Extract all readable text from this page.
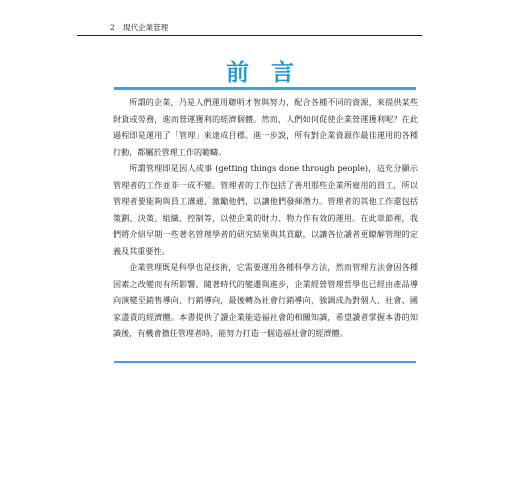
2 現代企業管理
前言

所謂的企業，乃是人們運用聰明才智與努力，配合各種不同的資源，來提供某些財貨或勞務，進而營運獲利的經濟個體。然而，人們如何促使企業營運獲利呢？在此過程即是運用了「管理」來達成目標。進一步說，所有對企業資源作最佳運用的各種行動，都屬於管理工作的範疇。

所謂管理即是因人成事 (getting things done through people)，這充分顯示管理者的工作並非一成不變。管理者的工作包括了善用那些企業所雇用的員工，所以管理者要能夠與員工溝通、激勵他們，以讓他們發揮潛力。管理者的其他工作還包括策劃、決策、組織、控制等，以使企業的財力、物力作有效的運用。在此章節裡，我們將介紹早期一些著名管理學者的研究結果與其貢獻，以讓各位讀者更瞭解管理的定義及其重要性。

企業管理既是科學也是技術，它需要運用各種科學方法，然而管理方法會因各種因素之改變而有所影響。隨著時代的變遷與進步，企業經營管理哲學也已經由產品導向演變至銷售導向、行銷導向，最後轉為社會行銷導向，強調成為對個人、社會、國家盡責的經濟體。本書提供了讀企業能造福社會的相關知識，希望讀者掌握本書的知識後，有機會擔任管理者時，能努力打造一個造福社會的經濟體。
